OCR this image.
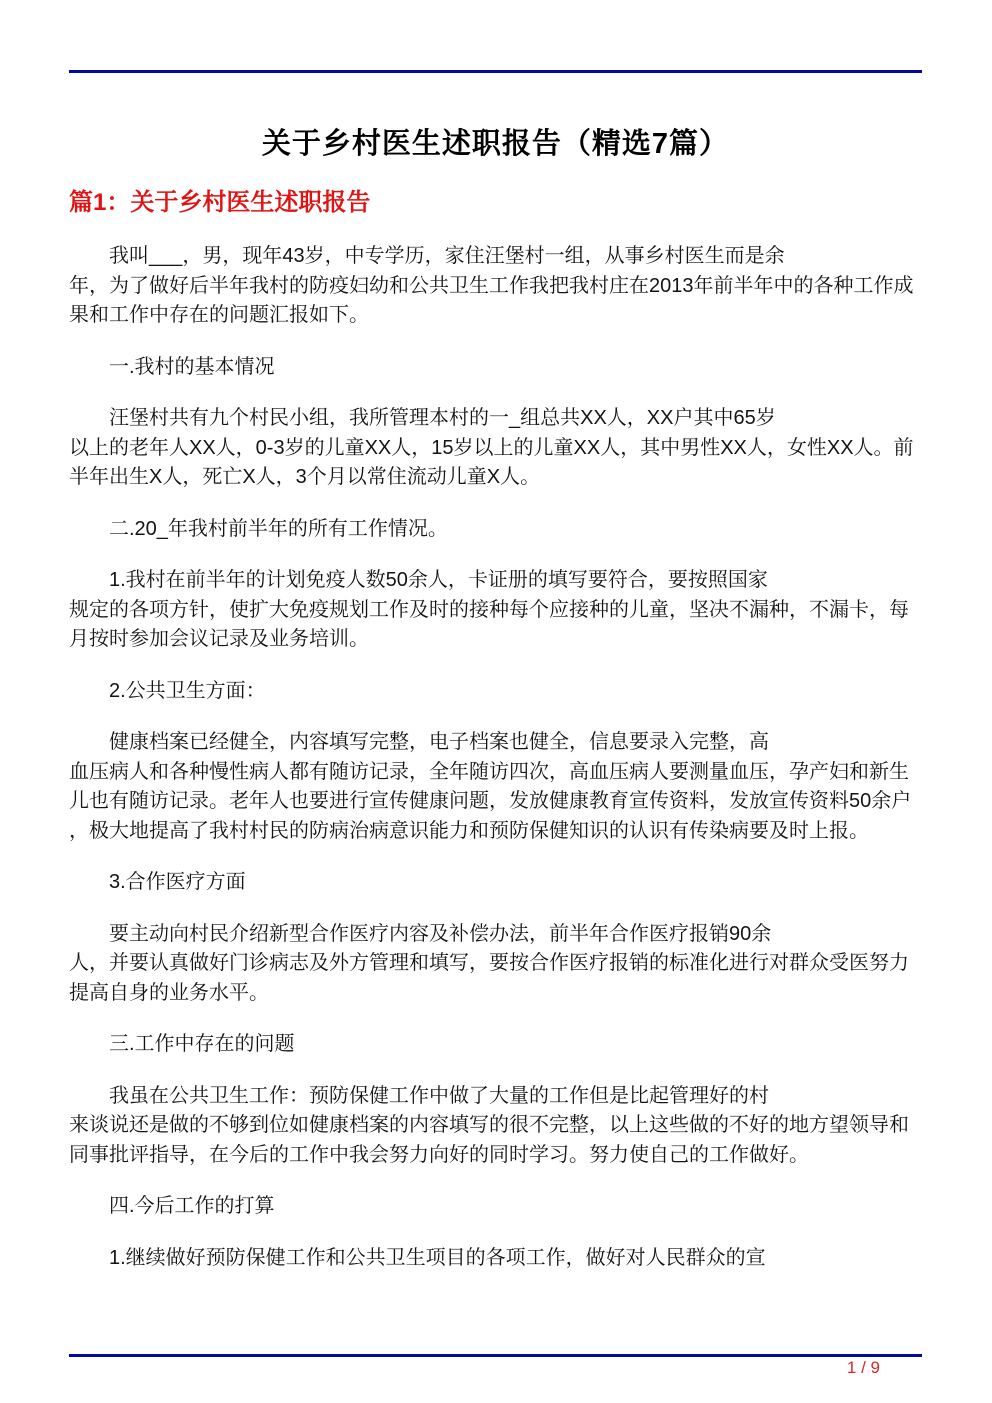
关于乡村医生述职报告（精选7篇）
篇1：关于乡村医生述职报告
我叫___，男，现年43岁，中专学历，家住汪堡村一组，从事乡村医生而是余
年，为了做好后半年我村的防疫妇幼和公共卫生工作我把我村庄在2013年前半年中的各种工作成
果和工作中存在的问题汇报如下。
一.我村的基本情况
汪堡村共有九个村民小组，我所管理本村的一_组总共XX人，XX户其中65岁
以上的老年人XX人，0-3岁的儿童XX人，15岁以上的儿童XX人，其中男性XX人，女性XX人。前
半年出生X人，死亡X人，3个月以常住流动儿童X人。
二.20_年我村前半年的所有工作情况。
1.我村在前半年的计划免疫人数50余人，卡证册的填写要符合，要按照国家
规定的各项方针，使扩大免疫规划工作及时的接种每个应接种的儿童，坚决不漏种，不漏卡，每
月按时参加会议记录及业务培训。
2.公共卫生方面：
健康档案已经健全，内容填写完整，电子档案也健全，信息要录入完整，高
血压病人和各种慢性病人都有随访记录，全年随访四次，高血压病人要测量血压，孕产妇和新生
儿也有随访记录。老年人也要进行宣传健康问题，发放健康教育宣传资料，发放宣传资料50余户
，极大地提高了我村村民的防病治病意识能力和预防保健知识的认识有传染病要及时上报。
3.合作医疗方面
要主动向村民介绍新型合作医疗内容及补偿办法，前半年合作医疗报销90余
人，并要认真做好门诊病志及外方管理和填写，要按合作医疗报销的标准化进行对群众受医努力
提高自身的业务水平。
三.工作中存在的问题
我虽在公共卫生工作：预防保健工作中做了大量的工作但是比起管理好的村
来谈说还是做的不够到位如健康档案的内容填写的很不完整，以上这些做的不好的地方望领导和
同事批评指导，在今后的工作中我会努力向好的同时学习。努力使自己的工作做好。
四.今后工作的打算
1.继续做好预防保健工作和公共卫生项目的各项工作，做好对人民群众的宣
1 / 9
